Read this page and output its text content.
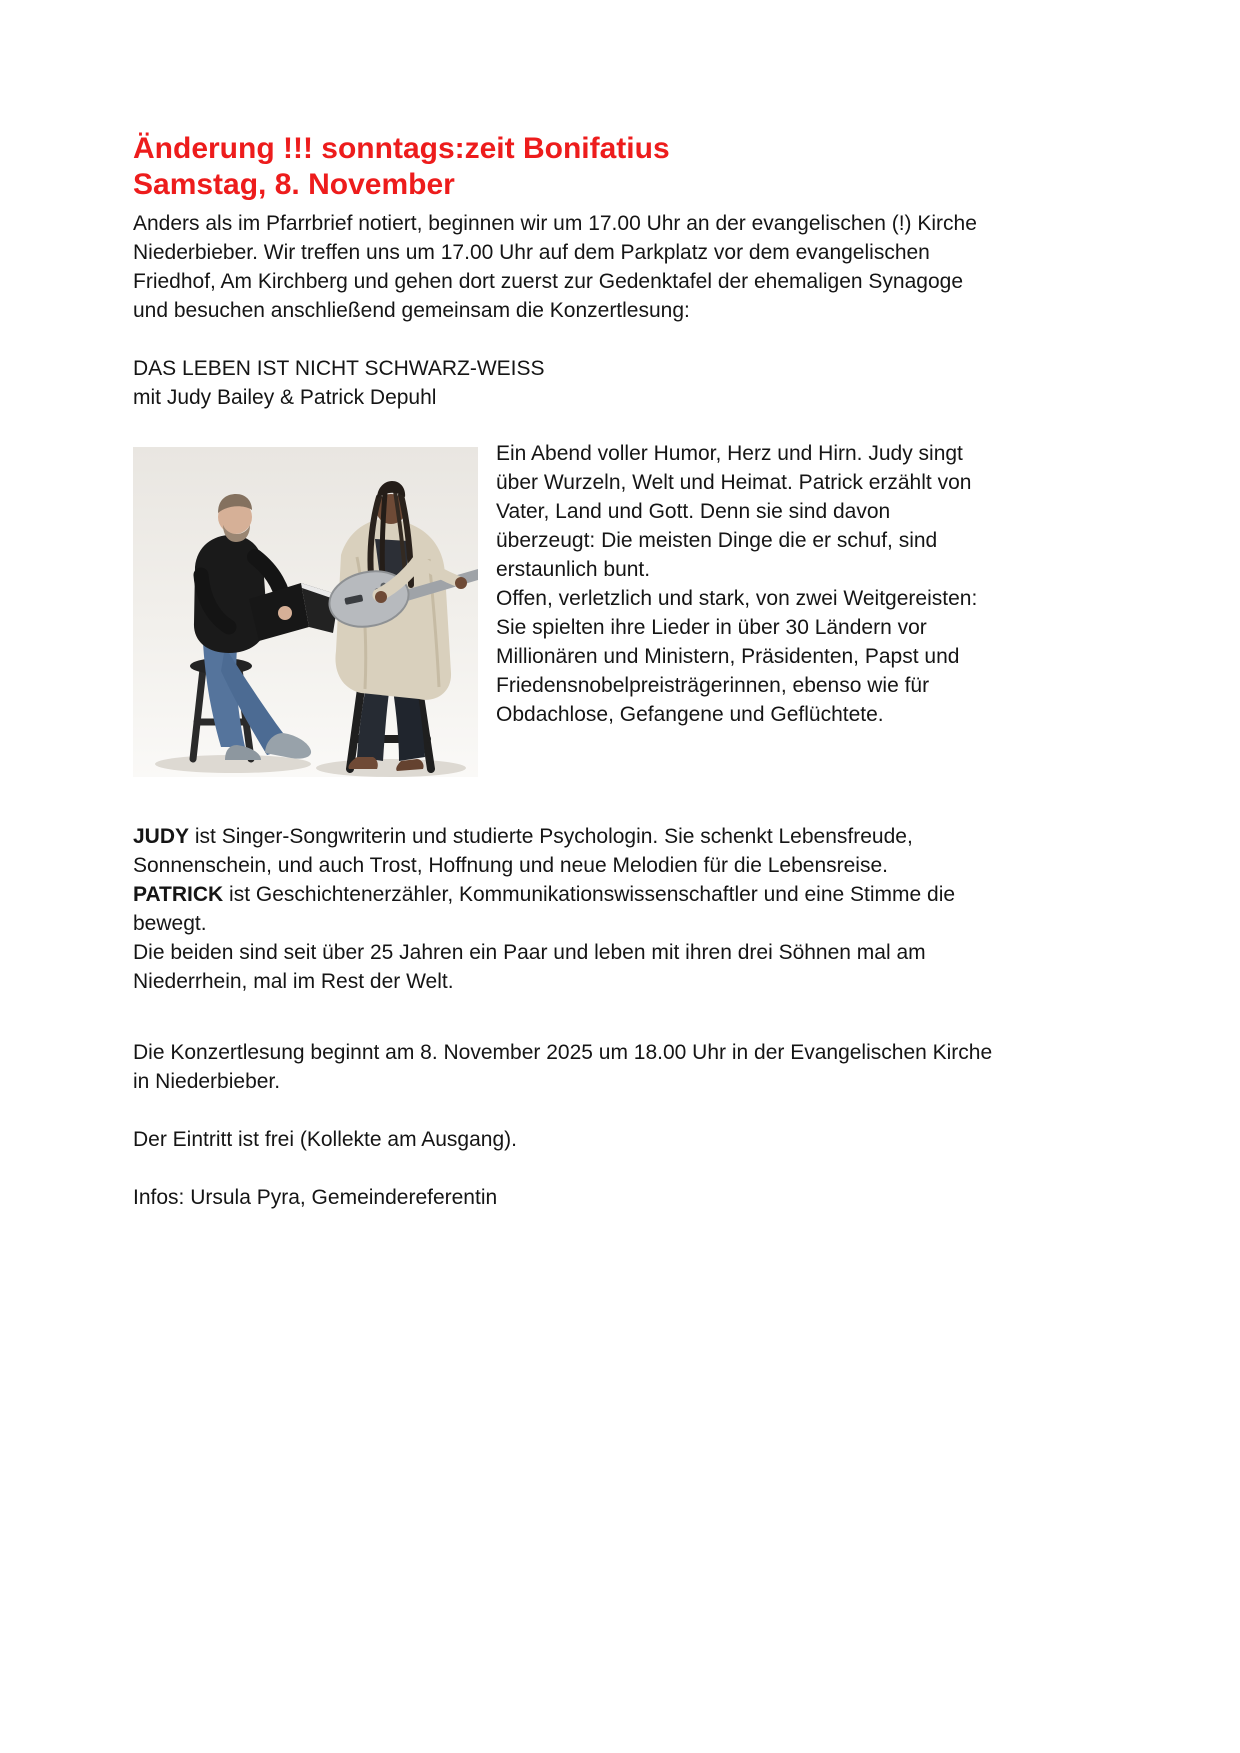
Änderung !!! sonntags:zeit Bonifatius
Samstag, 8. November

Anders als im Pfarrbrief notiert, beginnen wir um 17.00 Uhr an der evangelischen (!) Kirche Niederbieber. Wir treffen uns um 17.00 Uhr auf dem Parkplatz vor dem evangelischen Friedhof, Am Kirchberg und gehen dort zuerst zur Gedenktafel der ehemaligen Synagoge und besuchen anschließend gemeinsam die Konzertlesung:

DAS LEBEN IST NICHT SCHWARZ-WEISS

mit Judy Bailey & Patrick Depuhl

Ein Abend voller Humor, Herz und Hirn. Judy singt über Wurzeln, Welt und Heimat. Patrick erzählt von Vater, Land und Gott. Denn sie sind davon überzeugt: Die meisten Dinge die er schuf, sind erstaunlich bunt.

Offen, verletzlich und stark, von zwei Weitgereisten: Sie spielten ihre Lieder in über 30 Ländern vor Millionären und Ministern, Präsidenten, Papst und Friedensnobelpreisträgerinnen, ebenso wie für Obdachlose, Gefangene und Geflüchtete.

JUDY ist Singer-Songwriterin und studierte Psychologin. Sie schenkt Lebensfreude, Sonnenschein, und auch Trost, Hoffnung und neue Melodien für die Lebensreise.

PATRICK ist Geschichtenerzähler, Kommunikationswissenschaftler und eine Stimme die bewegt.

Die beiden sind seit über 25 Jahren ein Paar und leben mit ihren drei Söhnen mal am Niederrhein, mal im Rest der Welt.

Die Konzertlesung beginnt am 8. November 2025 um 18.00 Uhr in der Evangelischen Kirche in Niederbieber.

Der Eintritt ist frei (Kollekte am Ausgang).

Infos: Ursula Pyra, Gemeindereferentin
